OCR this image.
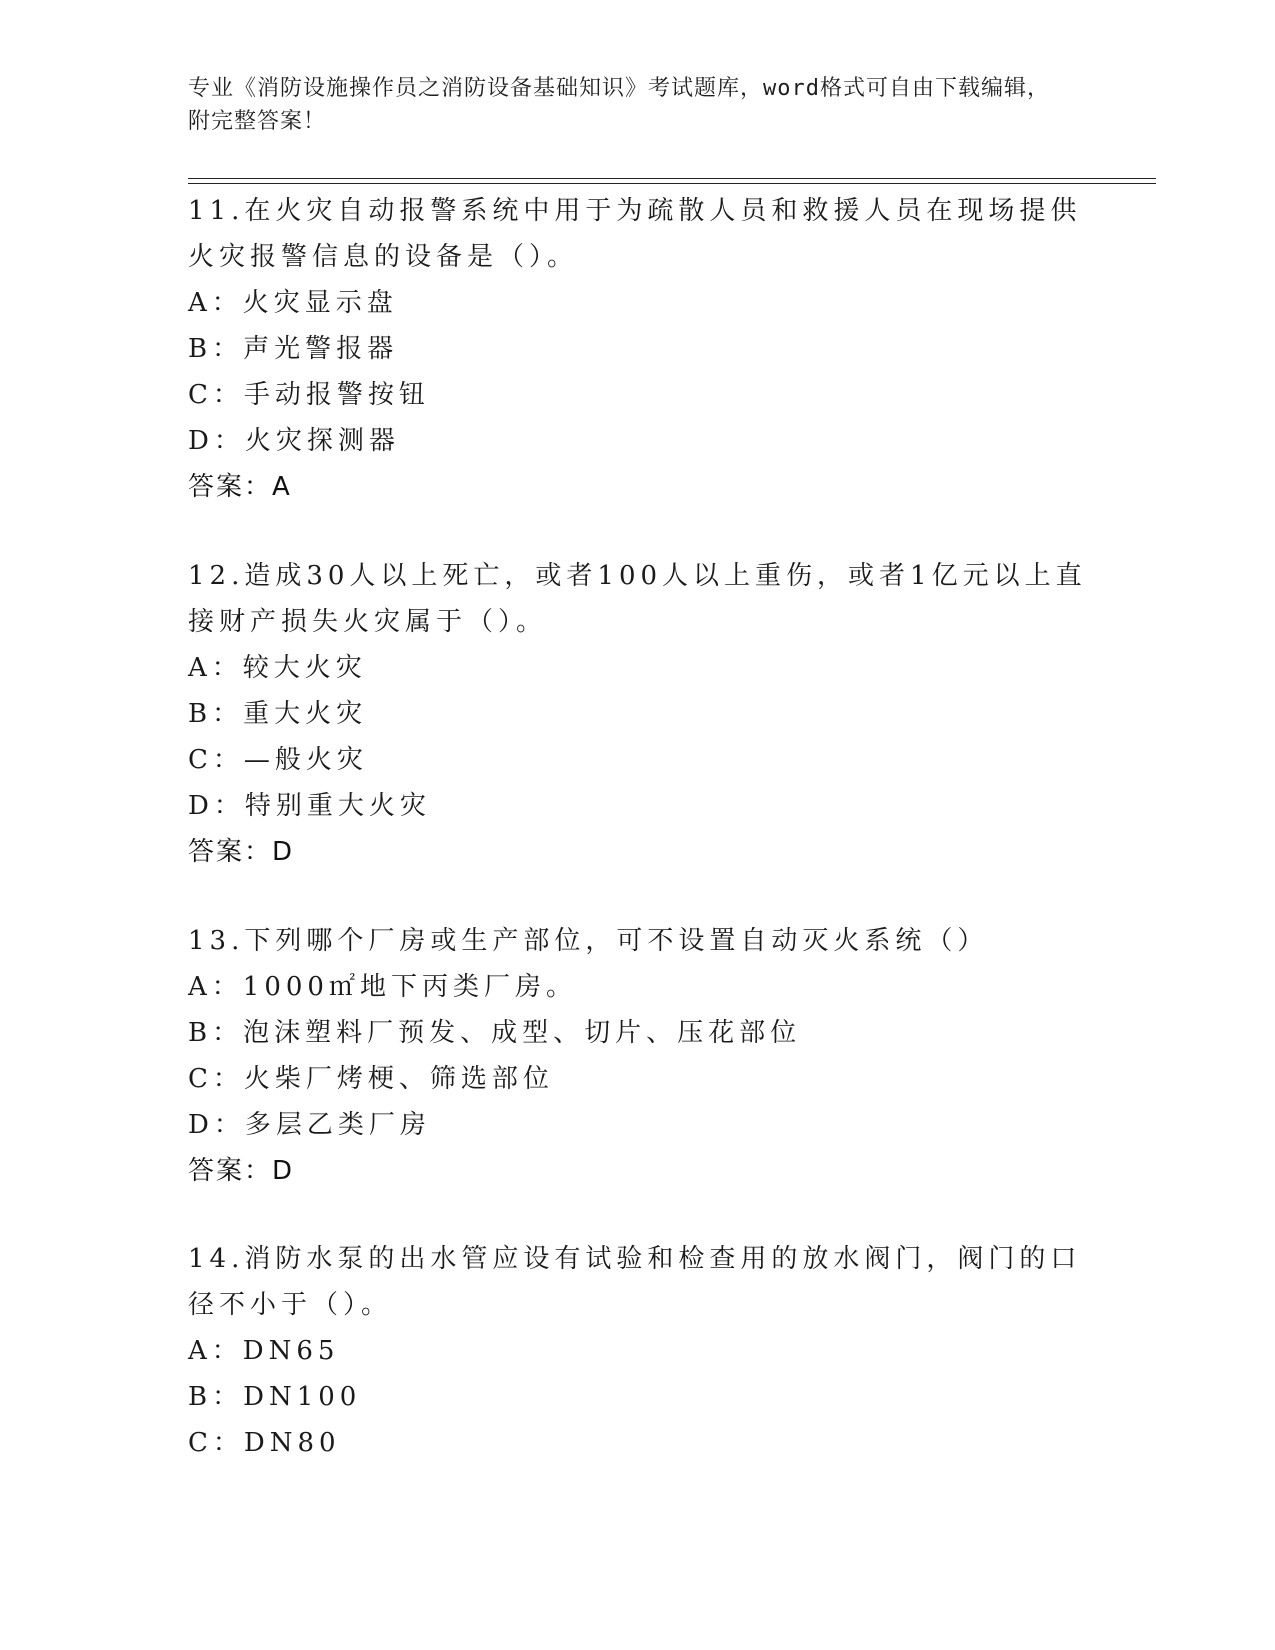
专业《消防设施操作员之消防设备基础知识》考试题库，word格式可自由下载编辑，附完整答案！

11.在火灾自动报警系统中用于为疏散人员和救援人员在现场提供火灾报警信息的设备是（）。

A：火灾显示盘

B：声光警报器

C：手动报警按钮

D：火灾探测器

答案：A

12.造成30人以上死亡，或者100人以上重伤，或者1亿元以上直接财产损失火灾属于（）。

A：较大火灾

B：重大火灾

C：—般火灾

D：特别重大火灾

答案：D

13.下列哪个厂房或生产部位，可不设置自动灭火系统（）

A：1000㎡地下丙类厂房。

B：泡沫塑料厂预发、成型、切片、压花部位

C：火柴厂烤梗、筛选部位

D：多层乙类厂房

答案：D

14.消防水泵的出水管应设有试验和检查用的放水阀门，阀门的口径不小于（）。

A：DN65

B：DN100

C：DN80
